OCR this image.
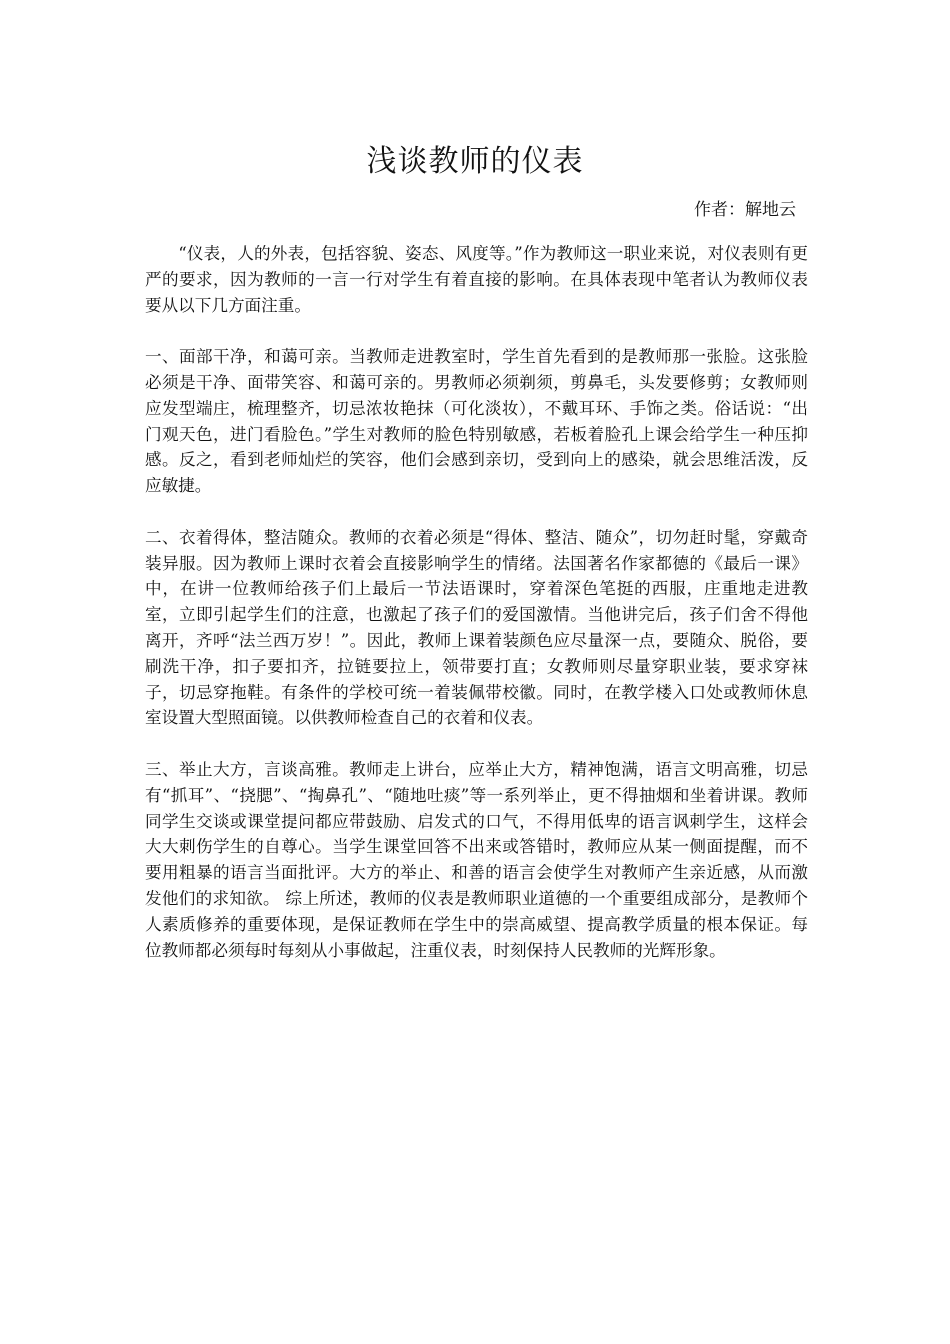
浅谈教师的仪表
作者：解地云

“仪表，人的外表，包括容貌、姿态、风度等。”作为教师这一职业来说，对仪表则有更严的要求，因为教师的一言一行对学生有着直接的影响。在具体表现中笔者认为教师仪表要从以下几方面注重。

一、面部干净，和蔼可亲。当教师走进教室时，学生首先看到的是教师那一张脸。这张脸必须是干净、面带笑容、和蔼可亲的。男教师必须剃须，剪鼻毛，头发要修剪；女教师则应发型端庄，梳理整齐，切忌浓妆艳抹（可化淡妆），不戴耳环、手饰之类。俗话说：“出门观天色，进门看脸色。”学生对教师的脸色特别敏感，若板着脸孔上课会给学生一种压抑感。反之，看到老师灿烂的笑容，他们会感到亲切，受到向上的感染，就会思维活泼，反应敏捷。

二、衣着得体，整洁随众。教师的衣着必须是“得体、整洁、随众”，切勿赶时髦，穿戴奇装异服。因为教师上课时衣着会直接影响学生的情绪。法国著名作家都德的《最后一课》中，在讲一位教师给孩子们上最后一节法语课时，穿着深色笔挺的西服，庄重地走进教室，立即引起学生们的注意，也激起了孩子们的爱国激情。当他讲完后，孩子们舍不得他离开，齐呼“法兰西万岁！”。因此，教师上课着装颜色应尽量深一点，要随众、脱俗，要刷洗干净，扣子要扣齐，拉链要拉上，领带要打直；女教师则尽量穿职业装，要求穿袜子，切忌穿拖鞋。有条件的学校可统一着装佩带校徽。同时，在教学楼入口处或教师休息室设置大型照面镜。以供教师检查自己的衣着和仪表。

三、举止大方，言谈高雅。教师走上讲台，应举止大方，精神饱满，语言文明高雅，切忌有“抓耳”、“挠腮”、“掏鼻孔”、“随地吐痰”等一系列举止，更不得抽烟和坐着讲课。教师同学生交谈或课堂提问都应带鼓励、启发式的口气，不得用低卑的语言讽刺学生，这样会大大刺伤学生的自尊心。当学生课堂回答不出来或答错时，教师应从某一侧面提醒，而不要用粗暴的语言当面批评。大方的举止、和善的语言会使学生对教师产生亲近感，从而激发他们的求知欲。 综上所述，教师的仪表是教师职业道德的一个重要组成部分，是教师个人素质修养的重要体现，是保证教师在学生中的崇高威望、提高教学质量的根本保证。每位教师都必须每时每刻从小事做起，注重仪表，时刻保持人民教师的光辉形象。
